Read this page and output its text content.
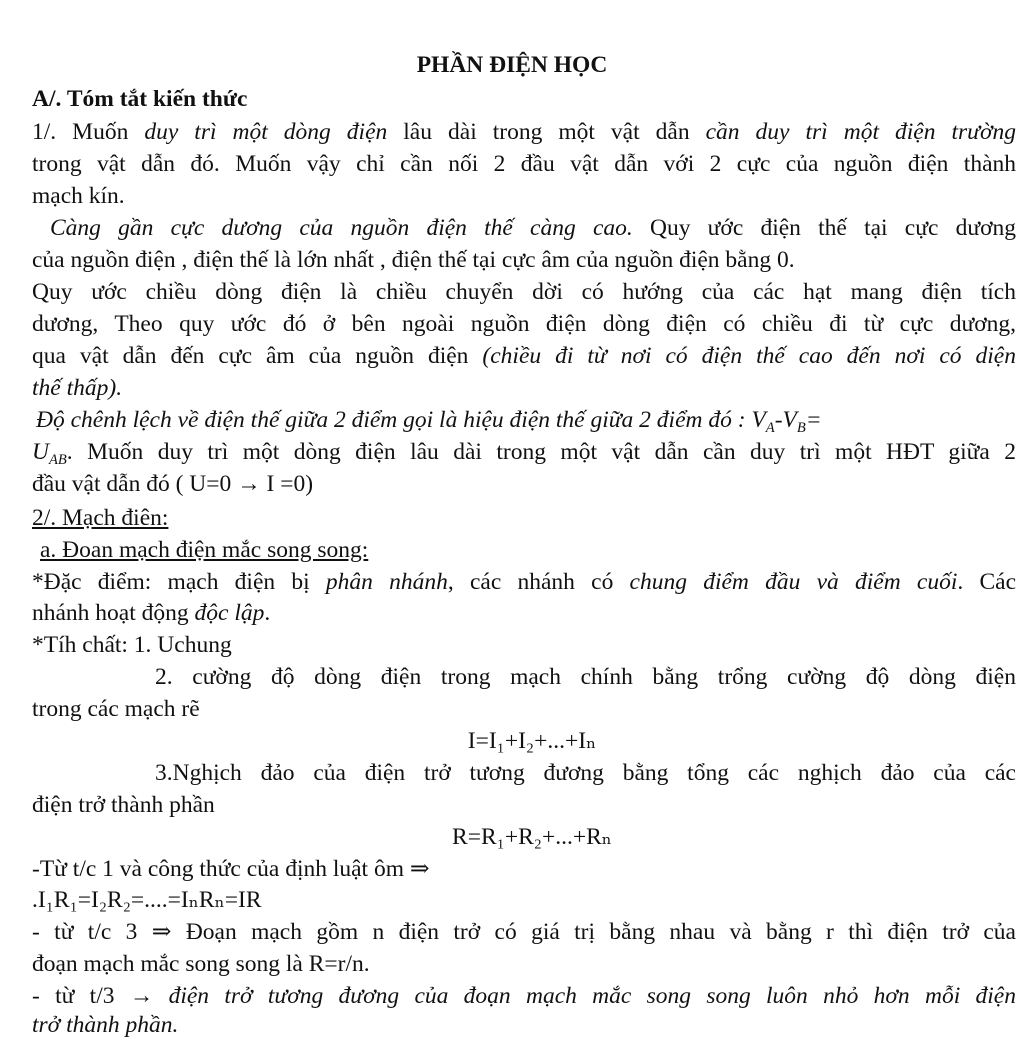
PHẦN ĐIỆN HỌC
A/. Tóm tắt kiến thức
1/. Muốn duy trì một dòng điện lâu dài trong một vật dẫn cần duy trì một điện trường
trong vật dẫn đó. Muốn vậy chỉ cần nối 2 đầu vật dẫn với 2 cực của nguồn điện thành
mạch kín.
Càng gần cực dương của nguồn điện thế càng cao. Quy ước điện thế tại cực dương
của nguồn điện , điện thế là lớn nhất , điện thế tại cực âm của nguồn điện bằng 0.
Quy ước chiều dòng điện là chiều chuyển dời có hướng của các hạt mang điện tích
dương, Theo quy ước đó ở bên ngoài nguồn điện dòng điện có chiều đi từ cực dương,
qua vật dẫn đến cực âm của nguồn điện (chiều đi từ nơi có điện thế cao đến nơi có diện
thế thấp).
Độ chênh lệch về điện thế giữa 2 điểm gọi là hiệu điện thế giữa 2 điểm đó : $V_A-V_B=$
$U_{AB}$. Muốn duy trì một dòng điện lâu dài trong một vật dẫn cần duy trì một HĐT giữa 2
đầu vật dẫn đó ( U=0 → I =0)
2/. Mạch điên:
a. Đoan mạch điện mắc song song:
*Đặc điểm: mạch điện bị phân nhánh, các nhánh có chung điểm đầu và điểm cuối. Các
nhánh hoạt động độc lập.
*Tíh chất: 1. Uchung
2. cường độ dòng điện trong mạch chính bằng trổng cường độ dòng điện
trong các mạch rẽ
I=I₁+I₂+...+Iₙ
3.Nghịch đảo của điện trở tương đương bằng tổng các nghịch đảo của các
điện trở thành phần
R=R₁+R₂+...+Rₙ
-Từ t/c 1 và công thức của định luật ôm ⇒
.I₁R₁=I₂R₂=....=IₙRₙ=IR
- từ t/c 3 ⇒ Đoạn mạch gồm n điện trở có giá trị bằng nhau và bằng r thì điện trở của
đoạn mạch mắc song song là R=r/n.
- từ t/3 → điện trở tương đương của đoạn mạch mắc song song luôn nhỏ hơn mỗi điện
trở thành phần.
